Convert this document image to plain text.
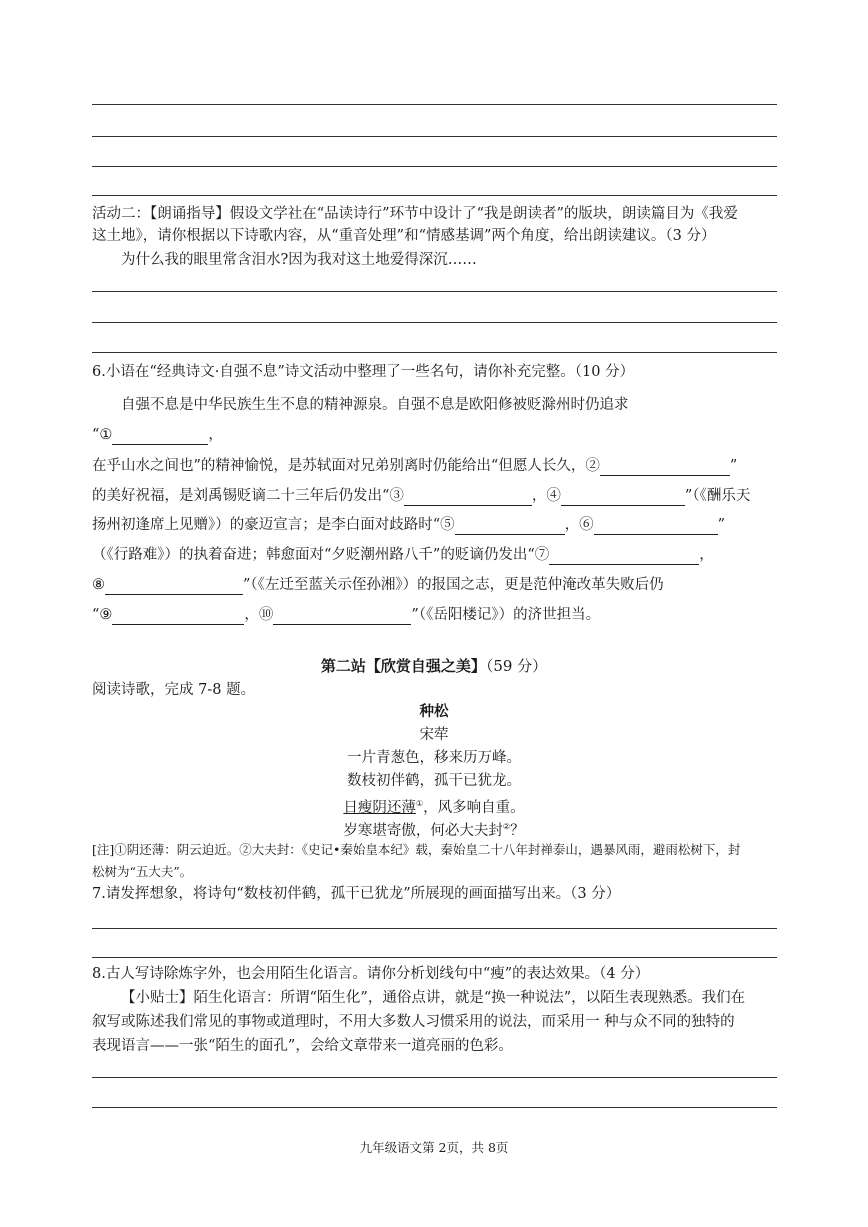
活动二：【朗诵指导】假设文学社在“品读诗行”环节中设计了“我是朗读者”的版块，朗读篇目为《我爱
这土地》，请你根据以下诗歌内容，从“重音处理”和“情感基调”两个角度，给出朗读建议。（3 分）
为什么我的眼里常含泪水?因为我对这土地爱得深沉……
6.小语在“经典诗文·自强不息”诗文活动中整理了一些名句，请你补充完整。（10 分）
自强不息是中华民族生生不息的精神源泉。自强不息是欧阳修被贬滁州时仍追求
“①	，
在乎山水之间也”的精神愉悦，是苏轼面对兄弟别离时仍能给出“但愿人长久，②	”
的美好祝福，是刘禹锡贬谪二十三年后仍发出“③	，④	”（《酬乐天
扬州初逢席上见赠》）的豪迈宣言；是李白面对歧路时“⑤	，⑥	”
（《行路难》）的执着奋进；韩愈面对“夕贬潮州路八千”的贬谪仍发出“⑦	，
⑧	”（《左迁至蓝关示侄孙湘》）的报国之志，更是范仲淹改革失败后仍
“⑨	，⑩	”（《岳阳楼记》）的济世担当。
第二站【欣赏自强之美】（59 分）
阅读诗歌，完成 7-8 题。
种松
宋荦
一片青葱色，移来历万峰。
数枝初伴鹤，孤干已犹龙。
日瘦阴还薄①，风多响自重。
岁寒堪寄傲，何必大夫封②？
[注]①阴还薄：阴云迫近。②大夫封：《史记•秦始皇本纪》载，秦始皇二十八年封禅泰山，遇暴风雨，避雨松树下，封
松树为“五大夫”。
7.请发挥想象，将诗句“数枝初伴鹤，孤干已犹龙”所展现的画面描写出来。（3 分）
8.古人写诗除炼字外，也会用陌生化语言。请你分析划线句中“瘦”的表达效果。（4 分）
【小贴士】陌生化语言：所谓“陌生化”，通俗点讲，就是“换一种说法”，以陌生表现熟悉。我们在
叙写或陈述我们常见的事物或道理时，不用大多数人习惯采用的说法，而采用一 种与众不同的独特的
表现语言——一张“陌生的面孔”，会给文章带来一道亮丽的色彩。
九年级语文第 2页，共 8页
